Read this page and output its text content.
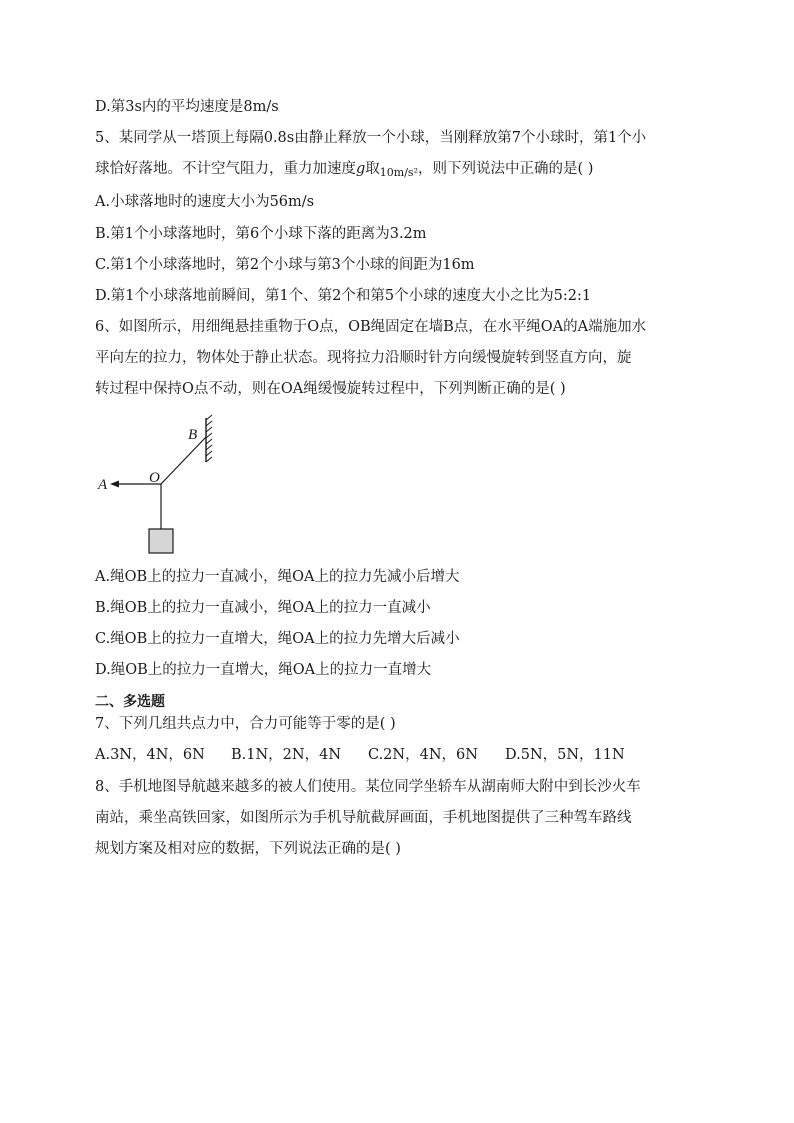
D.第3s内的平均速度是8m/s
5、某同学从一塔顶上每隔0.8s由静止释放一个小球，当刚释放第7个小球时，第1个小
球恰好落地。不计空气阻力，重力加速度g取$_{10m/s^2}$，则下列说法中正确的是( )
A.小球落地时的速度大小为56m/s
B.第1个小球落地时，第6个小球下落的距离为3.2m
C.第1个小球落地时，第2个小球与第3个小球的间距为16m
D.第1个小球落地前瞬间，第1个、第2个和第5个小球的速度大小之比为5:2:1
6、如图所示，用细绳悬挂重物于O点，OB绳固定在墙B点，在水平绳OA的A端施加水
平向左的拉力，物体处于静止状态。现将拉力沿顺时针方向缓慢旋转到竖直方向，旋
转过程中保持O点不动，则在OA绳缓慢旋转过程中，下列判断正确的是( )
A	O
B
A.绳OB上的拉力一直减小，绳OA上的拉力先减小后增大
B.绳OB上的拉力一直减小，绳OA上的拉力一直减小
C.绳OB上的拉力一直增大，绳OA上的拉力先增大后减小
D.绳OB上的拉力一直增大，绳OA上的拉力一直增大
二、多选题
7、下列几组共点力中，合力可能等于零的是( )
A.3N，4N，6N B.1N，2N，4N C.2N，4N，6N D.5N，5N，11N
8、手机地图导航越来越多的被人们使用。某位同学坐轿车从湖南师大附中到长沙火车
南站，乘坐高铁回家，如图所示为手机导航截屏画面，手机地图提供了三种驾车路线
规划方案及相对应的数据，下列说法正确的是( )
